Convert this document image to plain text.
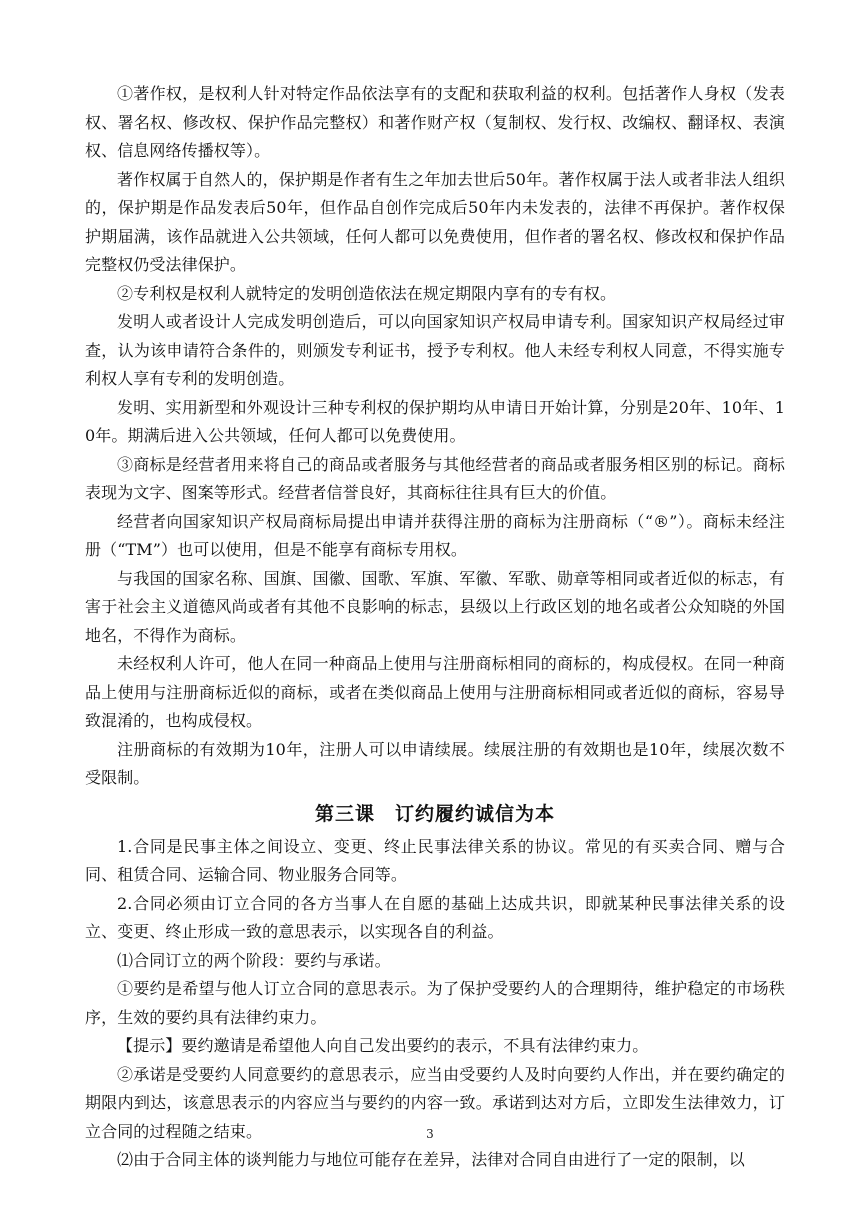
①著作权，是权利人针对特定作品依法享有的支配和获取利益的权利。包括著作人身权（发表权、署名权、修改权、保护作品完整权）和著作财产权（复制权、发行权、改编权、翻译权、表演权、信息网络传播权等）。

著作权属于自然人的，保护期是作者有生之年加去世后50年。著作权属于法人或者非法人组织的，保护期是作品发表后50年，但作品自创作完成后50年内未发表的，法律不再保护。著作权保护期届满，该作品就进入公共领域，任何人都可以免费使用，但作者的署名权、修改权和保护作品完整权仍受法律保护。

②专利权是权利人就特定的发明创造依法在规定期限内享有的专有权。

发明人或者设计人完成发明创造后，可以向国家知识产权局申请专利。国家知识产权局经过审查，认为该申请符合条件的，则颁发专利证书，授予专利权。他人未经专利权人同意，不得实施专利权人享有专利的发明创造。

发明、实用新型和外观设计三种专利权的保护期均从申请日开始计算，分别是20年、10年、10年。期满后进入公共领域，任何人都可以免费使用。

③商标是经营者用来将自己的商品或者服务与其他经营者的商品或者服务相区别的标记。商标表现为文字、图案等形式。经营者信誉良好，其商标往往具有巨大的价值。

经营者向国家知识产权局商标局提出申请并获得注册的商标为注册商标（“®”）。商标未经注册（“TM”）也可以使用，但是不能享有商标专用权。

与我国的国家名称、国旗、国徽、国歌、军旗、军徽、军歌、勋章等相同或者近似的标志，有害于社会主义道德风尚或者有其他不良影响的标志，县级以上行政区划的地名或者公众知晓的外国地名，不得作为商标。

未经权利人许可，他人在同一种商品上使用与注册商标相同的商标的，构成侵权。在同一种商品上使用与注册商标近似的商标，或者在类似商品上使用与注册商标相同或者近似的商标，容易导致混淆的，也构成侵权。

注册商标的有效期为10年，注册人可以申请续展。续展注册的有效期也是10年，续展次数不受限制。

第三课　订约履约诚信为本

1.合同是民事主体之间设立、变更、终止民事法律关系的协议。常见的有买卖合同、赠与合同、租赁合同、运输合同、物业服务合同等。

2.合同必须由订立合同的各方当事人在自愿的基础上达成共识，即就某种民事法律关系的设立、变更、终止形成一致的意思表示，以实现各自的利益。

⑴合同订立的两个阶段：要约与承诺。

①要约是希望与他人订立合同的意思表示。为了保护受要约人的合理期待，维护稳定的市场秩序，生效的要约具有法律约束力。

【提示】要约邀请是希望他人向自己发出要约的表示，不具有法律约束力。

②承诺是受要约人同意要约的意思表示，应当由受要约人及时向要约人作出，并在要约确定的期限内到达，该意思表示的内容应当与要约的内容一致。承诺到达对方后，立即发生法律效力，订立合同的过程随之结束。

⑵由于合同主体的谈判能力与地位可能存在差异，法律对合同自由进行了一定的限制，以

3
